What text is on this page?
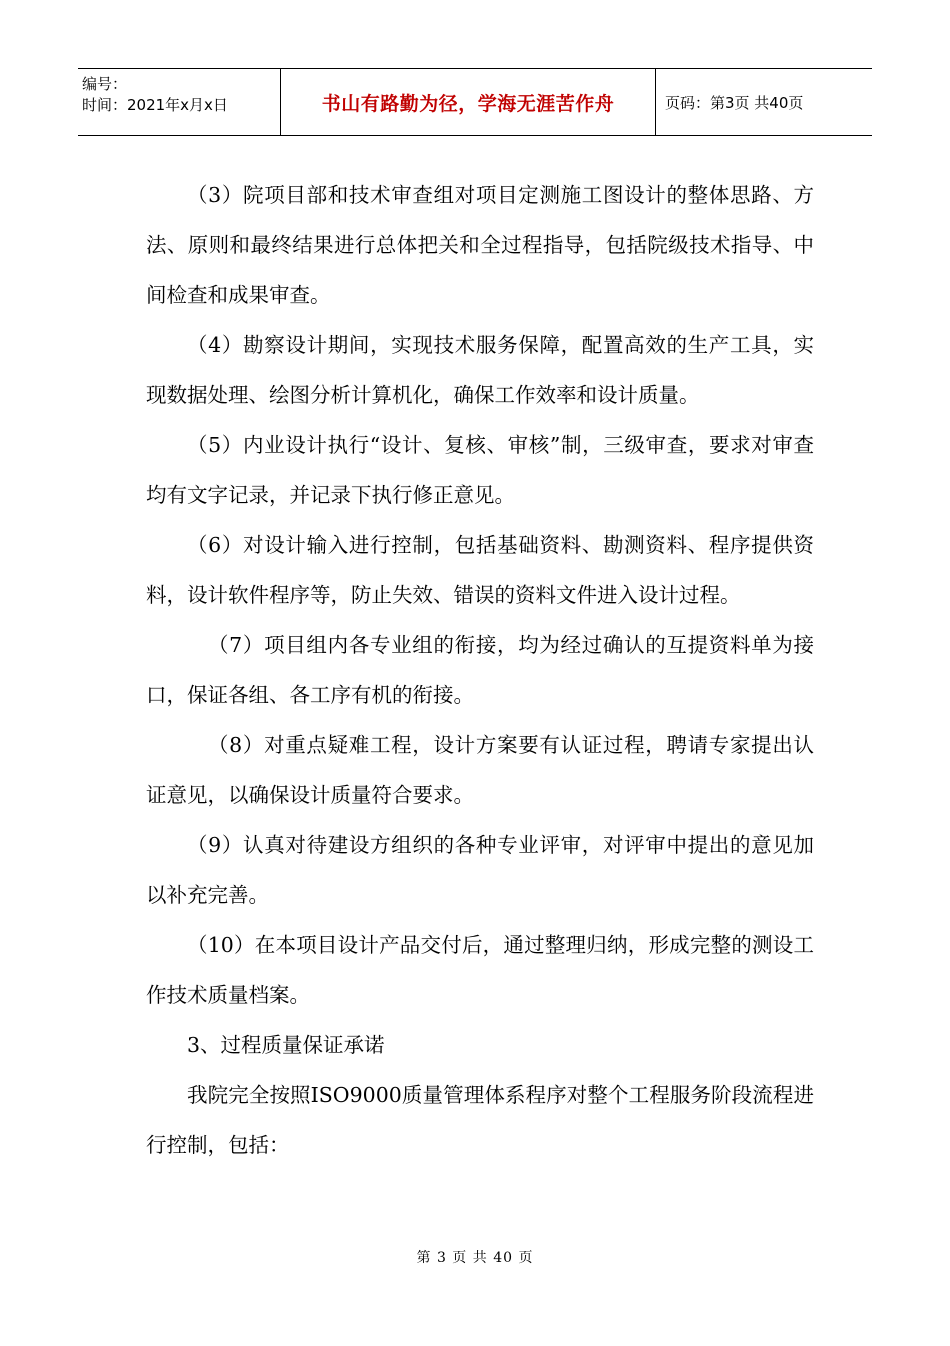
编号：
时间：2021年x月x日	书山有路勤为径，学海无涯苦作舟	页码：第3页 共40页

（3）院项目部和技术审查组对项目定测施工图设计的整体思路、方法、原则和最终结果进行总体把关和全过程指导，包括院级技术指导、中间检查和成果审查。

（4）勘察设计期间，实现技术服务保障，配置高效的生产工具，实现数据处理、绘图分析计算机化，确保工作效率和设计质量。

（5）内业设计执行“设计、复核、审核”制，三级审查，要求对审查均有文字记录，并记录下执行修正意见。

（6）对设计输入进行控制，包括基础资料、勘测资料、程序提供资料，设计软件程序等，防止失效、错误的资料文件进入设计过程。

（7）项目组内各专业组的衔接，均为经过确认的互提资料单为接口，保证各组、各工序有机的衔接。

（8）对重点疑难工程，设计方案要有认证过程，聘请专家提出认证意见，以确保设计质量符合要求。

（9）认真对待建设方组织的各种专业评审，对评审中提出的意见加以补充完善。

（10）在本项目设计产品交付后，通过整理归纳，形成完整的测设工作技术质量档案。

3、过程质量保证承诺

我院完全按照ISO9000质量管理体系程序对整个工程服务阶段流程进行控制，包括：

第 3 页 共 40 页
